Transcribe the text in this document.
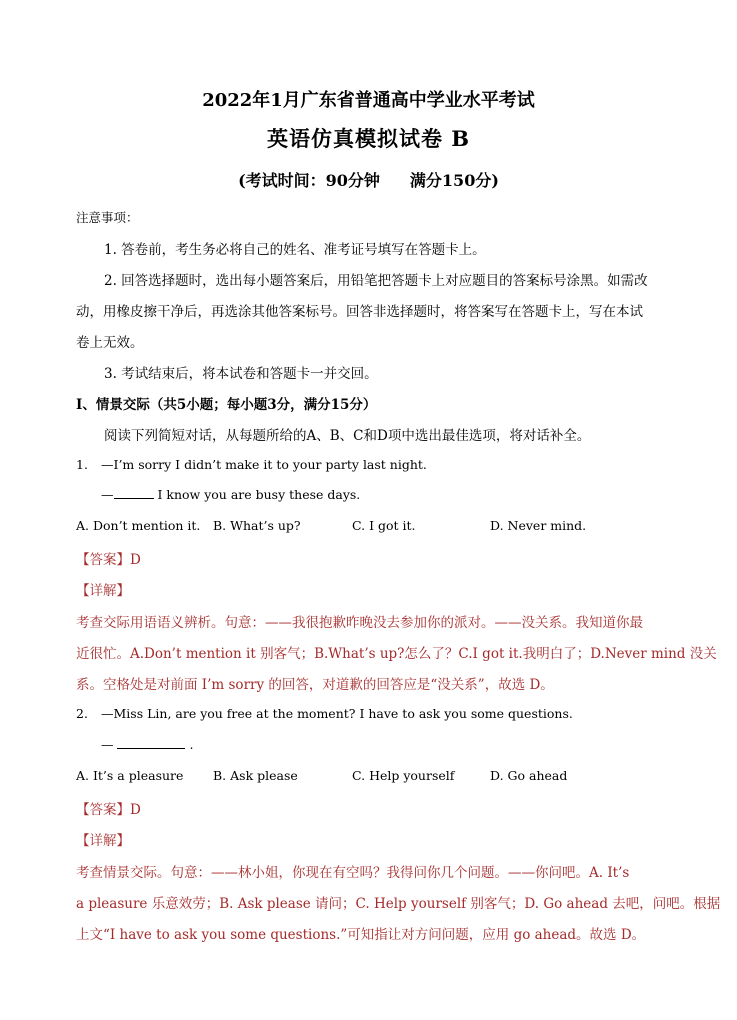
2022年1月广东省普通高中学业水平考试
英语仿真模拟试卷 B
(考试时间：90分钟 满分150分)
注意事项：
1. 答卷前，考生务必将自己的姓名、准考证号填写在答题卡上。
2. 回答选择题时，选出每小题答案后，用铅笔把答题卡上对应题目的答案标号涂黑。如需改
动，用橡皮擦干净后，再选涂其他答案标号。回答非选择题时，将答案写在答题卡上，写在本试
卷上无效。
3. 考试结束后，将本试卷和答题卡一并交回。
I、情景交际（共5小题；每小题3分，满分15分）
阅读下列简短对话，从每题所给的A、B、C和D项中选出最佳选项，将对话补全。
1. —I’m sorry I didn’t make it to your party last night.
—	I know you are busy these days.
A. Don’t mention it. B. What’s up?	C. I got it.	D. Never mind.
【答案】D
【详解】
考查交际用语语义辨析。句意：——我很抱歉昨晚没去参加你的派对。——没关系。我知道你最
近很忙。A.Don’t mention it 别客气；B.What’s up?怎么了？C.I got it.我明白了；D.Never mind 没关
系。空格处是对前面 I’m sorry 的回答，对道歉的回答应是“没关系”，故选 D。
2. —Miss Lin, are you free at the moment? I have to ask you some questions.
—	.
A. It’s a pleasure B. Ask please	C. Help yourself	D. Go ahead
【答案】D
【详解】
考查情景交际。句意：——林小姐，你现在有空吗？我得问你几个问题。——你问吧。A. It’s
a pleasure 乐意效劳；B. Ask please 请问；C. Help yourself 别客气；D. Go ahead 去吧，问吧。根据
上文“I have to ask you some questions.”可知指让对方问问题，应用 go ahead。故选 D。
